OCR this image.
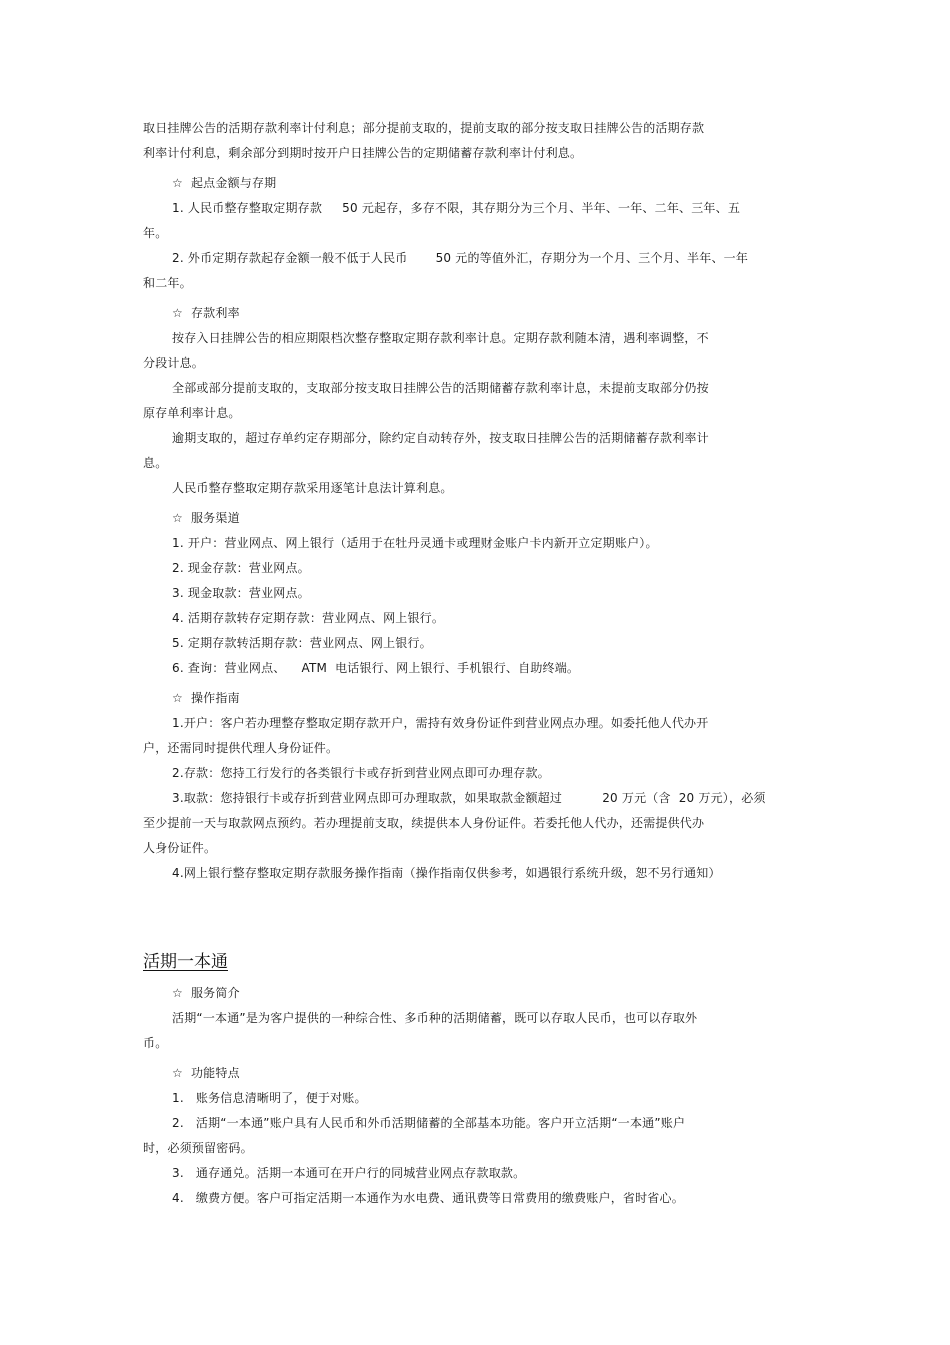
取日挂牌公告的活期存款利率计付利息；部分提前支取的，提前支取的部分按支取日挂牌公告的活期存款
利率计付利息，剩余部分到期时按开户日挂牌公告的定期储蓄存款利率计付利息。
☆  起点金额与存期
1. 人民币整存整取定期存款     50 元起存，多存不限，其存期分为三个月、半年、一年、二年、三年、五
年。
2. 外币定期存款起存金额一般不低于人民币       50 元的等值外汇，存期分为一个月、三个月、半年、一年
和二年。
☆  存款利率
按存入日挂牌公告的相应期限档次整存整取定期存款利率计息。定期存款利随本清，遇利率调整，不
分段计息。
全部或部分提前支取的，支取部分按支取日挂牌公告的活期储蓄存款利率计息，未提前支取部分仍按
原存单利率计息。
逾期支取的，超过存单约定存期部分，除约定自动转存外，按支取日挂牌公告的活期储蓄存款利率计
息。
人民币整存整取定期存款采用逐笔计息法计算利息。
☆  服务渠道
1. 开户：营业网点、网上银行（适用于在牡丹灵通卡或理财金账户卡内新开立定期账户）。
2. 现金存款：营业网点。
3. 现金取款：营业网点。
4. 活期存款转存定期存款：营业网点、网上银行。
5. 定期存款转活期存款：营业网点、网上银行。
6. 查询：营业网点、    ATM  电话银行、网上银行、手机银行、自助终端。
☆  操作指南
1.开户：客户若办理整存整取定期存款开户，需持有效身份证件到营业网点办理。如委托他人代办开
户，还需同时提供代理人身份证件。
2.存款：您持工行发行的各类银行卡或存折到营业网点即可办理存款。
3.取款：您持银行卡或存折到营业网点即可办理取款，如果取款金额超过          20 万元（含  20 万元），必须
至少提前一天与取款网点预约。若办理提前支取，续提供本人身份证件。若委托他人代办，还需提供代办
人身份证件。
4.网上银行整存整取定期存款服务操作指南（操作指南仅供参考，如遇银行系统升级，恕不另行通知）
活期一本通
☆  服务简介
活期“一本通”是为客户提供的一种综合性、多币种的活期储蓄，既可以存取人民币，也可以存取外
币。
☆  功能特点
1.   账务信息清晰明了，便于对账。
2.   活期“一本通”账户具有人民币和外币活期储蓄的全部基本功能。客户开立活期“一本通”账户
时，必须预留密码。
3.   通存通兑。活期一本通可在开户行的同城营业网点存款取款。
4.   缴费方便。客户可指定活期一本通作为水电费、通讯费等日常费用的缴费账户，省时省心。
